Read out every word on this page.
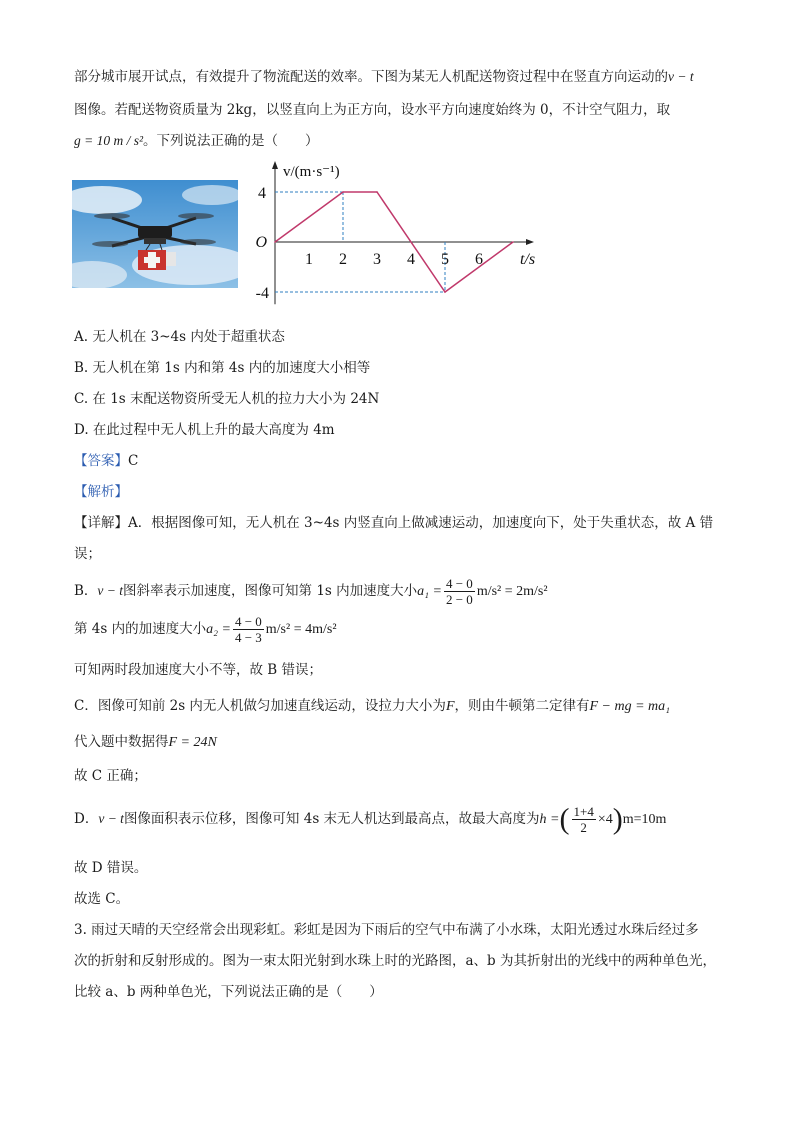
部分城市展开试点，有效提升了物流配送的效率。下图为某无人机配送物资过程中在竖直方向运动的v − t
图像。若配送物资质量为 2kg，以竖直向上为正方向，设水平方向速度始终为 0，不计空气阻力，取
g = 10 m / s²。下列说法正确的是（　　）
1 2 3 4 5 6
4
-4
O
v/(m·s⁻¹)
t/s
A. 无人机在 3~4s 内处于超重状态
B. 无人机在第 1s 内和第 4s 内的加速度大小相等
C. 在 1s 末配送物资所受无人机的拉力大小为 24N
D. 在此过程中无人机上升的最大高度为 4m
【答案】C
【解析】
【详解】A．根据图像可知，无人机在 3~4s 内竖直向上做减速运动，加速度向下，处于失重状态，故 A 错
误；
B．v − t图斜率表示加速度，图像可知第 1s 内加速度大小$a_1 = \frac{4 - 0}{2 - 0} m/s^2 = 2m/s^2$
第 4s 内的加速度大小$a_2 = \frac{4 - 0}{4 - 3} m/s^2 = 4m/s^2$
可知两时段加速度大小不等，故 B 错误；
C．图像可知前 2s 内无人机做匀加速直线运动，设拉力大小为F，则由牛顿第二定律有F − mg = ma₁
代入题中数据得F = 24N
故 C 正确；
D．v − t图像面积表示位移，图像可知 4s 末无人机达到最高点，故最大高度为h =( $\frac{1+4}{2} \times 4)m=10m$
故 D 错误。
故选 C。
3. 雨过天晴的天空经常会出现彩虹。彩虹是因为下雨后的空气中布满了小水珠，太阳光透过水珠后经过多
次的折射和反射形成的。图为一束太阳光射到水珠上时的光路图，a、b 为其折射出的光线中的两种单色光，
比较 a、b 两种单色光，下列说法正确的是（　　）
